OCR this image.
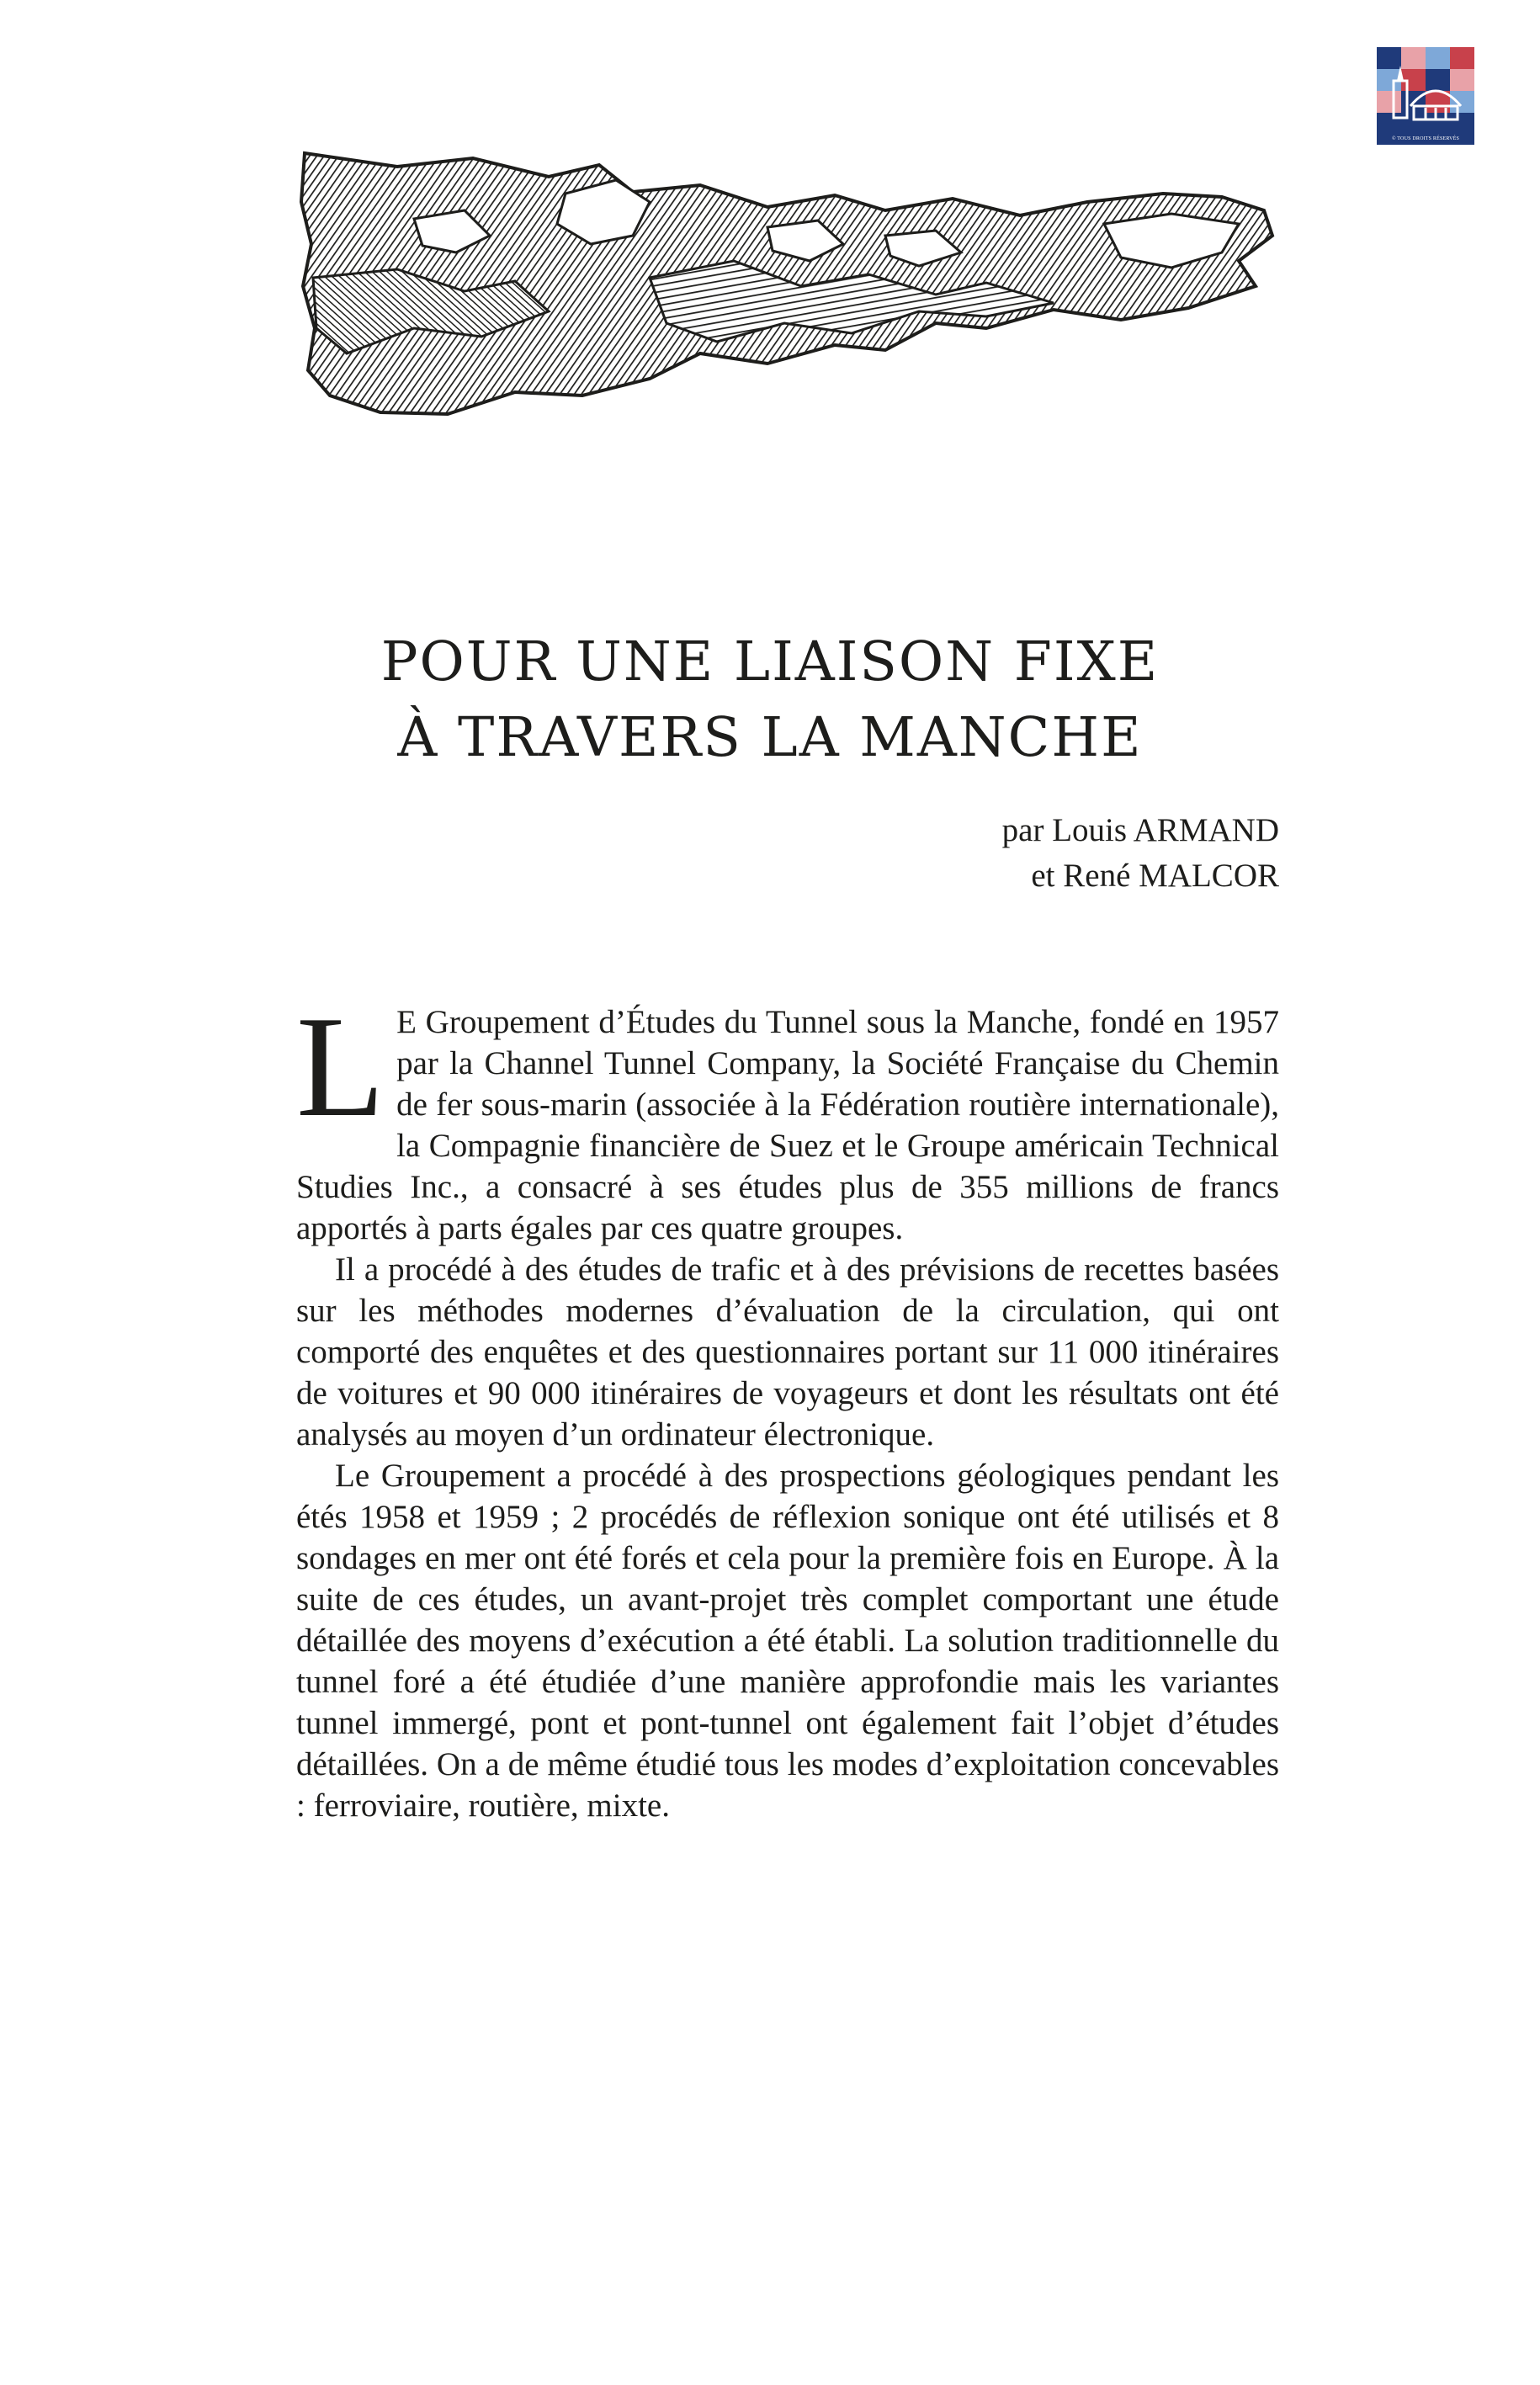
© TOUS DROITS RÉSERVÉS
POUR UNE LIAISON FIXE
À TRAVERS LA MANCHE
par Louis ARMAND
et René MALCOR

L E Groupement d’Études du Tunnel sous la Manche, fondé en 1957 par la Channel Tunnel Company, la Société Française du Chemin de fer sous-marin (associée à la Fédération routière internationale), la Compagnie financière de Suez et le Groupe américain Technical Studies Inc., a consacré à ses études plus de 355 millions de francs apportés à parts égales par ces quatre groupes.

Il a procédé à des études de trafic et à des prévisions de recettes basées sur les méthodes modernes d’évaluation de la circulation, qui ont comporté des enquêtes et des questionnaires portant sur 11 000 itinéraires de voitures et 90 000 itinéraires de voyageurs et dont les résultats ont été analysés au moyen d’un ordinateur électronique.

Le Groupement a procédé à des prospections géologiques pendant les étés 1958 et 1959 ; 2 procédés de réflexion sonique ont été utilisés et 8 sondages en mer ont été forés et cela pour la première fois en Europe. À la suite de ces études, un avant-projet très complet comportant une étude détaillée des moyens d’exécution a été établi. La solution traditionnelle du tunnel foré a été étudiée d’une manière approfondie mais les variantes tunnel immergé, pont et pont-tunnel ont également fait l’objet d’études détaillées. On a de même étudié tous les modes d’exploitation concevables : ferroviaire, routière, mixte.
